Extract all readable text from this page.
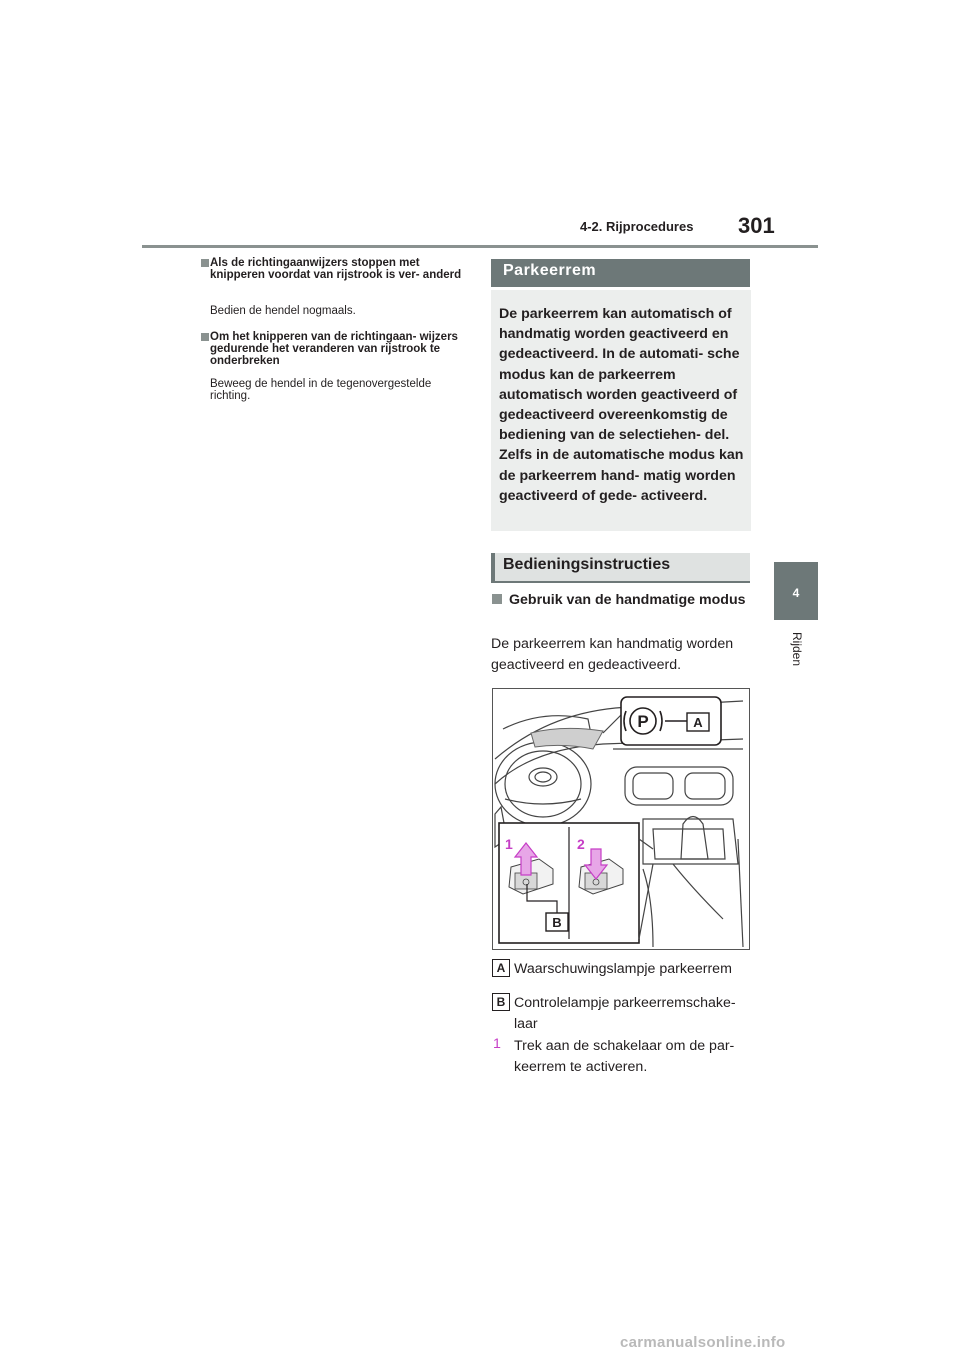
4-2. Rijprocedures 301
4
Rijden
Als de richtingaanwijzers stoppen met knipperen voordat van rijstrook is ver- anderd
Bedien de hendel nogmaals.
Om het knipperen van de richtingaan- wijzers gedurende het veranderen van rijstrook te onderbreken
Beweeg de hendel in de tegenovergestelde richting.
Parkeerrem
De parkeerrem kan automatisch of handmatig worden geactiveerd en gedeactiveerd. In de automati- sche modus kan de parkeerrem automatisch worden geactiveerd of gedeactiveerd overeenkomstig de bediening van de selectiehen- del. Zelfs in de automatische modus kan de parkeerrem hand- matig worden geactiveerd of gede- activeerd.
Bedieningsinstructies
Gebruik van de handmatige modus
De parkeerrem kan handmatig worden geactiveerd en gedeactiveerd.
P	A
1	2
B
A Waarschuwingslampje parkeerrem
B Controlelampje parkeerremschake- laar
1 Trek aan de schakelaar om de par- keerrem te activeren.
carmanualsonline.info
